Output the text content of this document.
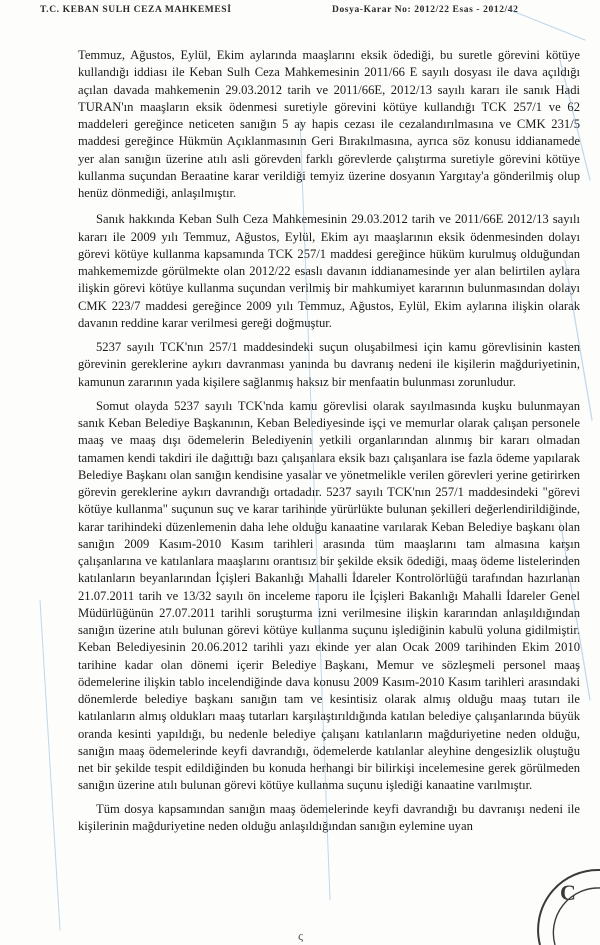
T.C. KEBAN SULH CEZA MAHKEMESİ	Dosya-Karar No: 2012/22 Esas - 2012/42

Temmuz, Ağustos, Eylül, Ekim aylarında maaşlarını eksik ödediği, bu suretle görevini kötüye kullandığı iddiası ile Keban Sulh Ceza Mahkemesinin 2011/66 E sayılı dosyası ile dava açıldığı açılan davada mahkemenin 29.03.2012 tarih ve 2011/66E, 2012/13 sayılı kararı ile sanık Hadi TURAN'ın maaşların eksik ödenmesi suretiyle görevini kötüye kullandığı TCK 257/1 ve 62 maddeleri gereğince neticeten sanığın 5 ay hapis cezası ile cezalandırılmasına ve CMK 231/5 maddesi gereğince Hükmün Açıklanmasının Geri Bırakılmasına, ayrıca söz konusu iddianamede yer alan sanığın üzerine atılı asli görevden farklı görevlerde çalıştırma suretiyle görevini kötüye kullanma suçundan Beraatine karar verildiği temyiz üzerine dosyanın Yargıtay'a gönderilmiş olup henüz dönmediği, anlaşılmıştır.

Sanık hakkında Keban Sulh Ceza Mahkemesinin 29.03.2012 tarih ve 2011/66E 2012/13 sayılı kararı ile 2009 yılı Temmuz, Ağustos, Eylül, Ekim ayı maaşlarının eksik ödenmesinden dolayı görevi kötüye kullanma kapsamında TCK 257/1 maddesi gereğince hüküm kurulmuş olduğundan mahkememizde görülmekte olan 2012/22 esaslı davanın iddianamesinde yer alan belirtilen aylara ilişkin görevi kötüye kullanma suçundan verilmiş bir mahkumiyet kararının bulunmasından dolayı CMK 223/7 maddesi gereğince 2009 yılı Temmuz, Ağustos, Eylül, Ekim aylarına ilişkin olarak davanın reddine karar verilmesi gereği doğmuştur.

5237 sayılı TCK'nın 257/1 maddesindeki suçun oluşabilmesi için kamu görevlisinin kasten görevinin gereklerine aykırı davranması yanında bu davranış nedeni ile kişilerin mağduriyetinin, kamunun zararının yada kişilere sağlanmış haksız bir menfaatin bulunması zorunludur.

Somut olayda 5237 sayılı TCK'nda kamu görevlisi olarak sayılmasında kuşku bulunmayan sanık Keban Belediye Başkanının, Keban Belediyesinde işçi ve memurlar olarak çalışan personele maaş ve maaş dışı ödemelerin Belediyenin yetkili organlarından alınmış bir kararı olmadan tamamen kendi takdiri ile dağıttığı bazı çalışanlara eksik bazı çalışanlara ise fazla ödeme yapılarak Belediye Başkanı olan sanığın kendisine yasalar ve yönetmelikle verilen görevleri yerine getirirken görevin gereklerine aykırı davrandığı ortadadır. 5237 sayılı TCK'nın 257/1 maddesindeki "görevi kötüye kullanma" suçunun suç ve karar tarihinde yürürlükte bulunan şekilleri değerlendirildiğinde, karar tarihindeki düzenlemenin daha lehe olduğu kanaatine varılarak Keban Belediye başkanı olan sanığın 2009 Kasım-2010 Kasım tarihleri arasında tüm maaşlarını tam almasına karşın çalışanlarına ve katılanlara maaşlarını orantısız bir şekilde eksik ödediği, maaş ödeme listelerinden katılanların beyanlarından İçişleri Bakanlığı Mahalli İdareler Kontrolörlüğü tarafından hazırlanan 21.07.2011 tarih ve 13/32 sayılı ön inceleme raporu ile İçişleri Bakanlığı Mahalli İdareler Genel Müdürlüğünün 27.07.2011 tarihli soruşturma izni verilmesine ilişkin kararından anlaşıldığından sanığın üzerine atılı bulunan görevi kötüye kullanma suçunu işlediğinin kabulü yoluna gidilmiştir. Keban Belediyesinin 20.06.2012 tarihli yazı ekinde yer alan Ocak 2009 tarihinden Ekim 2010 tarihine kadar olan dönemi içerir Belediye Başkanı, Memur ve sözleşmeli personel maaş ödemelerine ilişkin tablo incelendiğinde dava konusu 2009 Kasım-2010 Kasım tarihleri arasındaki dönemlerde belediye başkanı sanığın tam ve kesintisiz olarak almış olduğu maaş tutarı ile katılanların almış oldukları maaş tutarları karşılaştırıldığında katılan belediye çalışanlarında büyük oranda kesinti yapıldığı, bu nedenle belediye çalışanı katılanların mağduriyetine neden olduğu, sanığın maaş ödemelerinde keyfi davrandığı, ödemelerde katılanlar aleyhine dengesizlik oluştuğu net bir şekilde tespit edildiğinden bu konuda herhangi bir bilirkişi incelemesine gerek görülmeden sanığın üzerine atılı bulunan görevi kötüye kullanma suçunu işlediği kanaatine varılmıştır.

Tüm dosya kapsamından sanığın maaş ödemelerinde keyfi davrandığı bu davranışı nedeni ile kişilerinin mağduriyetine neden olduğu anlaşıldığından sanığın eylemine uyan

C
ς
